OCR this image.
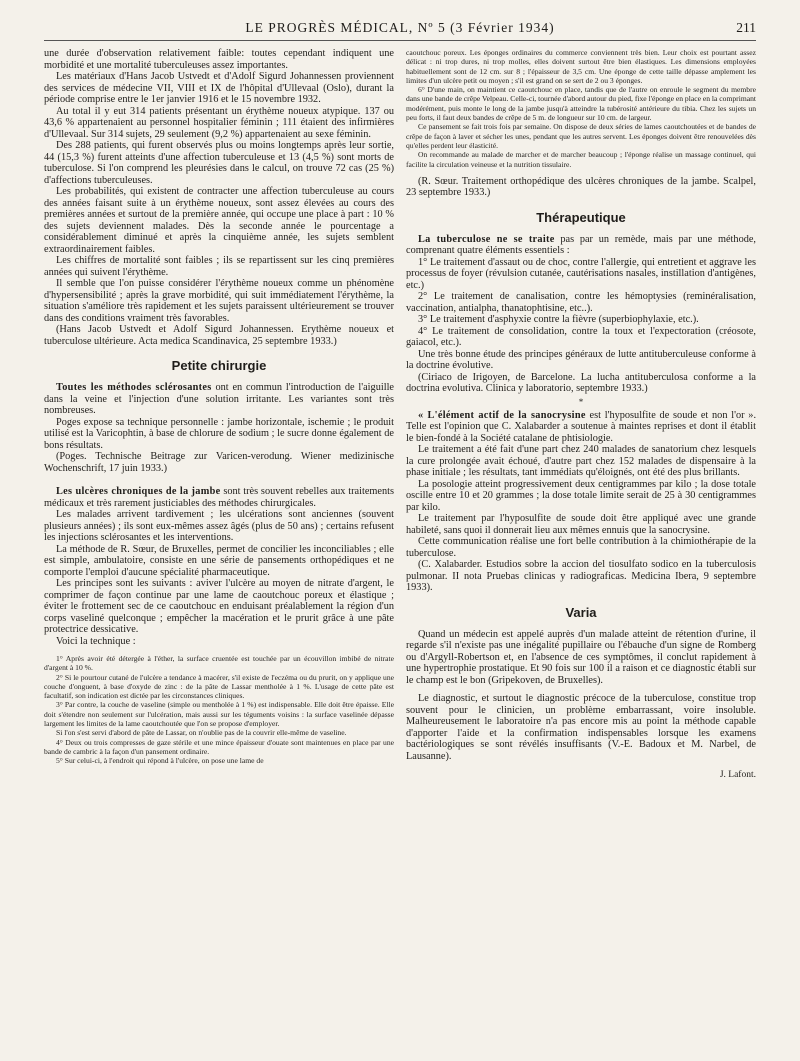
LE PROGRÈS MÉDICAL, Nº 5 (3 Février 1934)	211

une durée d'observation relativement faible: toutes cependant indiquent une morbidité et une mortalité tuberculeuses assez importantes.

Les matériaux d'Hans Jacob Ustvedt et d'Adolf Sigurd Johannessen proviennent des services de médecine VII, VIII et IX de l'hôpital d'Ullevaal (Oslo), durant la période comprise entre le 1er janvier 1916 et le 15 novembre 1932.

Au total il y eut 314 patients présentant un érythème noueux atypique. 137 ou 43,6 % appartenaient au personnel hospitalier féminin ; 111 étaient des infirmières d'Ullevaal. Sur 314 sujets, 29 seulement (9,2 %) appartenaient au sexe féminin.

Des 288 patients, qui furent observés plus ou moins longtemps après leur sortie, 44 (15,3 %) furent atteints d'une affection tuberculeuse et 13 (4,5 %) sont morts de tuberculose. Si l'on comprend les pleurésies dans le calcul, on trouve 72 cas (25 %) d'affections tuberculeuses.

Les probabilités, qui existent de contracter une affection tuberculeuse au cours des années faisant suite à un érythème noueux, sont assez élevées au cours des premières années et surtout de la première année, qui occupe une place à part : 10 % des sujets deviennent malades. Dès la seconde année le pourcentage a considérablement diminué et après la cinquième année, les sujets semblent extraordinairement faibles.

Les chiffres de mortalité sont faibles ; ils se repartissent sur les cinq premières années qui suivent l'érythème.

Il semble que l'on puisse considérer l'érythème noueux comme un phénomène d'hypersensibilité ; après la grave morbidité, qui suit immédiatement l'érythème, la situation s'améliore très rapidement et les sujets paraissent ultérieurement se trouver dans des conditions vraiment très favorables.

(Hans Jacob Ustvedt et Adolf Sigurd Johannessen. Erythème noueux et tuberculose ultérieure. Acta medica Scandinavica, 25 septembre 1933.)

Petite chirurgie

Toutes les méthodes sclérosantes ont en commun l'introduction de l'aiguille dans la veine et l'injection d'une solution irritante. Les variantes sont très nombreuses.

Poges expose sa technique personnelle : jambe horizontale, ischemie ; le produit utilisé est la Varicophtin, à base de chlorure de sodium ; le sucre donne également de bons résultats.

(Poges. Technische Beitrage zur Varicen-verodung. Wiener medizinische Wochenschrift, 17 juin 1933.)

Les ulcères chroniques de la jambe sont très souvent rebelles aux traitements médicaux et très rarement justiciables des méthodes chirurgicales.

Les malades arrivent tardivement ; les ulcérations sont anciennes (souvent plusieurs années) ; ils sont eux-mêmes assez âgés (plus de 50 ans) ; certains refusent les injections sclérosantes et les interventions.

La méthode de R. Sœur, de Bruxelles, permet de concilier les inconciliables ; elle est simple, ambulatoire, consiste en une série de pansements orthopédiques et ne comporte l'emploi d'aucune spécialité pharmaceutique.

Les principes sont les suivants : aviver l'ulcère au moyen de nitrate d'argent, le comprimer de façon continue par une lame de caoutchouc poreux et élastique ; éviter le frottement sec de ce caoutchouc en enduisant préalablement la région d'un corps vaseliné quelconque ; empêcher la macération et le prurit grâce à une pâte protectrice dessicative.

Voici la technique :

1° Après avoir été détergée à l'éther, la surface cruentée est touchée par un écouvillon imbibé de nitrate d'argent à 10 %.

2° Si le pourtour cutané de l'ulcère a tendance à macérer, s'il existe de l'eczéma ou du prurit, on y applique une couche d'onguent, à base d'oxyde de zinc : de la pâte de Lassar mentholée à 1 %. L'usage de cette pâte est facultatif, son indication est dictée par les circonstances cliniques.

3° Par contre, la couche de vaseline (simple ou mentholée à 1 %) est indispensable. Elle doit être épaisse. Elle doit s'étendre non seulement sur l'ulcération, mais aussi sur les téguments voisins : la surface vaselinée dépasse largement les limites de la lame caoutchoutée que l'on se propose d'employer.

Si l'on s'est servi d'abord de pâte de Lassar, on n'oublie pas de la couvrir elle-même de vaseline.

4° Deux ou trois compresses de gaze stérile et une mince épaisseur d'ouate sont maintenues en place par une bande de cambric à la façon d'un pansement ordinaire.

5° Sur celui-ci, à l'endroit qui répond à l'ulcère, on pose une lame de

caoutchouc poreux. Les éponges ordinaires du commerce conviennent très bien. Leur choix est pourtant assez délicat : ni trop dures, ni trop molles, elles doivent surtout être bien élastiques. Les dimensions employées habituellement sont de 12 cm. sur 8 ; l'épaisseur de 3,5 cm. Une éponge de cette taille dépasse amplement les limites d'un ulcère petit ou moyen ; s'il est grand on se sert de 2 ou 3 éponges.

6° D'une main, on maintient ce caoutchouc en place, tandis que de l'autre on enroule le segment du membre dans une bande de crêpe Velpeau. Celle-ci, tournée d'abord autour du pied, fixe l'éponge en place en la comprimant modérément, puis monte le long de la jambe jusqu'à atteindre la tubérosité antérieure du tibia. Chez les sujets un peu forts, il faut deux bandes de crêpe de 5 m. de longueur sur 10 cm. de largeur.

Ce pansement se fait trois fois par semaine. On dispose de deux séries de lames caoutchoutées et de bandes de crêpe de façon à laver et sécher les unes, pendant que les autres servent. Les éponges doivent être renouvelées dès qu'elles perdent leur élasticité.

On recommande au malade de marcher et de marcher beaucoup ; l'éponge réalise un massage continuel, qui facilite la circulation veineuse et la nutrition tissulaire.

(R. Sœur. Traitement orthopédique des ulcères chroniques de la jambe. Scalpel, 23 septembre 1933.)

Thérapeutique

La tuberculose ne se traite pas par un remède, mais par une méthode, comprenant quatre éléments essentiels :

1° Le traitement d'assaut ou de choc, contre l'allergie, qui entretient et aggrave les processus de foyer (révulsion cutanée, cautérisations nasales, instillation d'antigènes, etc.)

2° Le traitement de canalisation, contre les hémoptysies (reminéralisation, vaccination, antialpha, thanatophtisine, etc..).

3° Le traitement d'asphyxie contre la fièvre (superbiophylaxie, etc.).

4° Le traitement de consolidation, contre la toux et l'expectoration (créosote, gaiacol, etc.).

Une très bonne étude des principes généraux de lutte antituberculeuse conforme à la doctrine évolutive.

(Ciriaco de Irigoyen, de Barcelone. La lucha antituberculosa conforme a la doctrina evolutiva. Clinica y laboratorio, septembre 1933.)

*

« L'élément actif de la sanocrysine est l'hyposulfite de soude et non l'or ». Telle est l'opinion que C. Xalabarder a soutenue à maintes reprises et dont il établit le bien-fondé à la Société catalane de phtisiologie.

Le traitement a été fait d'une part chez 240 malades de sanatorium chez lesquels la cure prolongée avait échoué, d'autre part chez 152 malades de dispensaire à la phase initiale ; les résultats, tant immédiats qu'éloignés, ont été des plus brillants.

La posologie atteint progressivement deux centigrammes par kilo ; la dose totale oscille entre 10 et 20 grammes ; la dose totale limite serait de 25 à 30 centigrammes par kilo.

Le traitement par l'hyposulfite de soude doit être appliqué avec une grande habileté, sans quoi il donnerait lieu aux mêmes ennuis que la sanocrysine.

Cette communication réalise une fort belle contribution à la chimiothérapie de la tuberculose.

(C. Xalabarder. Estudios sobre la accion del tiosulfato sodico en la tuberculosis pulmonar. II nota Pruebas clinicas y radiograficas. Medicina Ibera, 9 septembre 1933).

Varia

Quand un médecin est appelé auprès d'un malade atteint de rétention d'urine, il regarde s'il n'existe pas une inégalité pupillaire ou l'ébauche d'un signe de Romberg ou d'Argyll-Robertson et, en l'absence de ces symptômes, il conclut rapidement à une hypertrophie prostatique. Et 90 fois sur 100 il a raison et ce diagnostic établi sur le champ est le bon (Gripekoven, de Bruxelles).

Le diagnostic, et surtout le diagnostic précoce de la tuberculose, constitue trop souvent pour le clinicien, un problème embarrassant, voire insoluble. Malheureusement le laboratoire n'a pas encore mis au point la méthode capable d'apporter l'aide et la confirmation indispensables lorsque les examens bactériologiques se sont révélés insuffisants (V.-E. Badoux et M. Narbel, de Lausanne).

J. Lafont.
